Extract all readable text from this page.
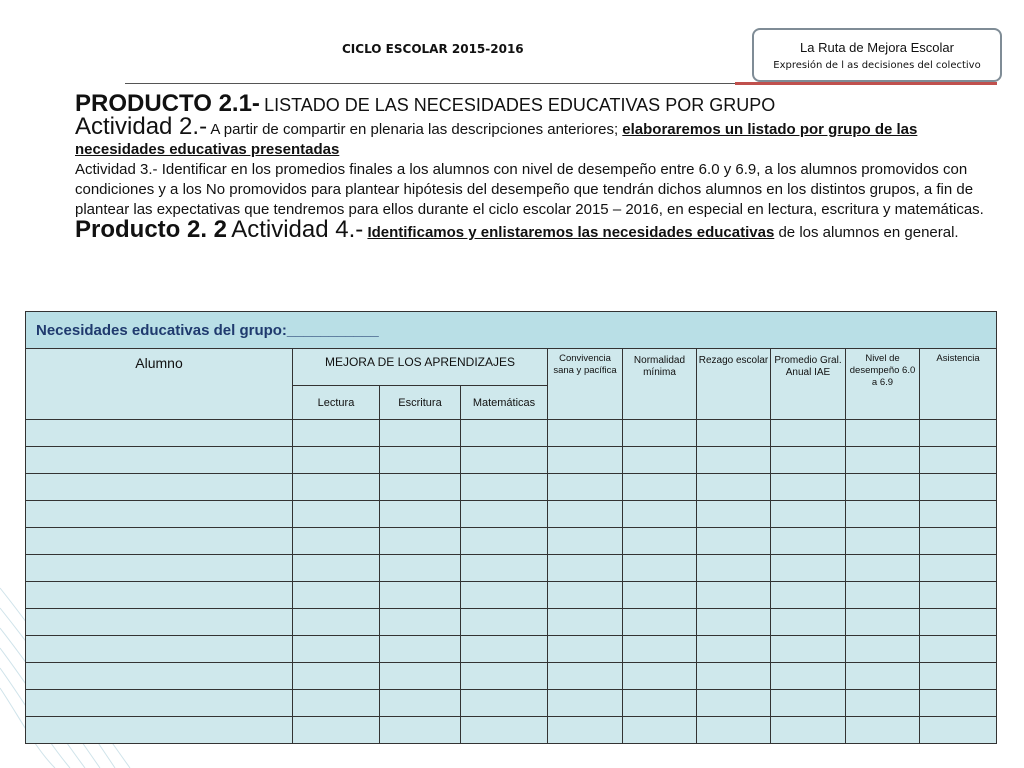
CICLO ESCOLAR 2015-2016	La Ruta de Mejora Escolar
Expresión de l as decisiones del colectivo
PRODUCTO 2.1- LISTADO DE LAS NECESIDADES EDUCATIVAS POR GRUPO
Actividad 2.- A partir de compartir en plenaria las descripciones anteriores; elaboraremos un listado por grupo de las necesidades educativas presentadas
Actividad 3.- Identificar en los promedios finales a los alumnos con nivel de desempeño entre 6.0 y 6.9, a los alumnos promovidos con condiciones y a los No promovidos para plantear hipótesis del desempeño que tendrán dichos alumnos en los distintos grupos, a fin de plantear las expectativas que tendremos para ellos durante el ciclo escolar 2015 – 2016, en especial en lectura, escritura y matemáticas.
Producto 2. 2 Actividad 4.- Identificamos y enlistaremos las necesidades educativas de los alumnos en general.
Necesidades educativas del grupo:___________									
Alumno	MEJORA DE LOS APRENDIZAJES			Convivencia sana y pacífica	Normalidad mínima	Rezago escolar	Promedio Gral. Anual IAE	Nivel de desempeño 6.0 a 6.9	Asistencia
	Lectura	Escritura	Matemáticas						
